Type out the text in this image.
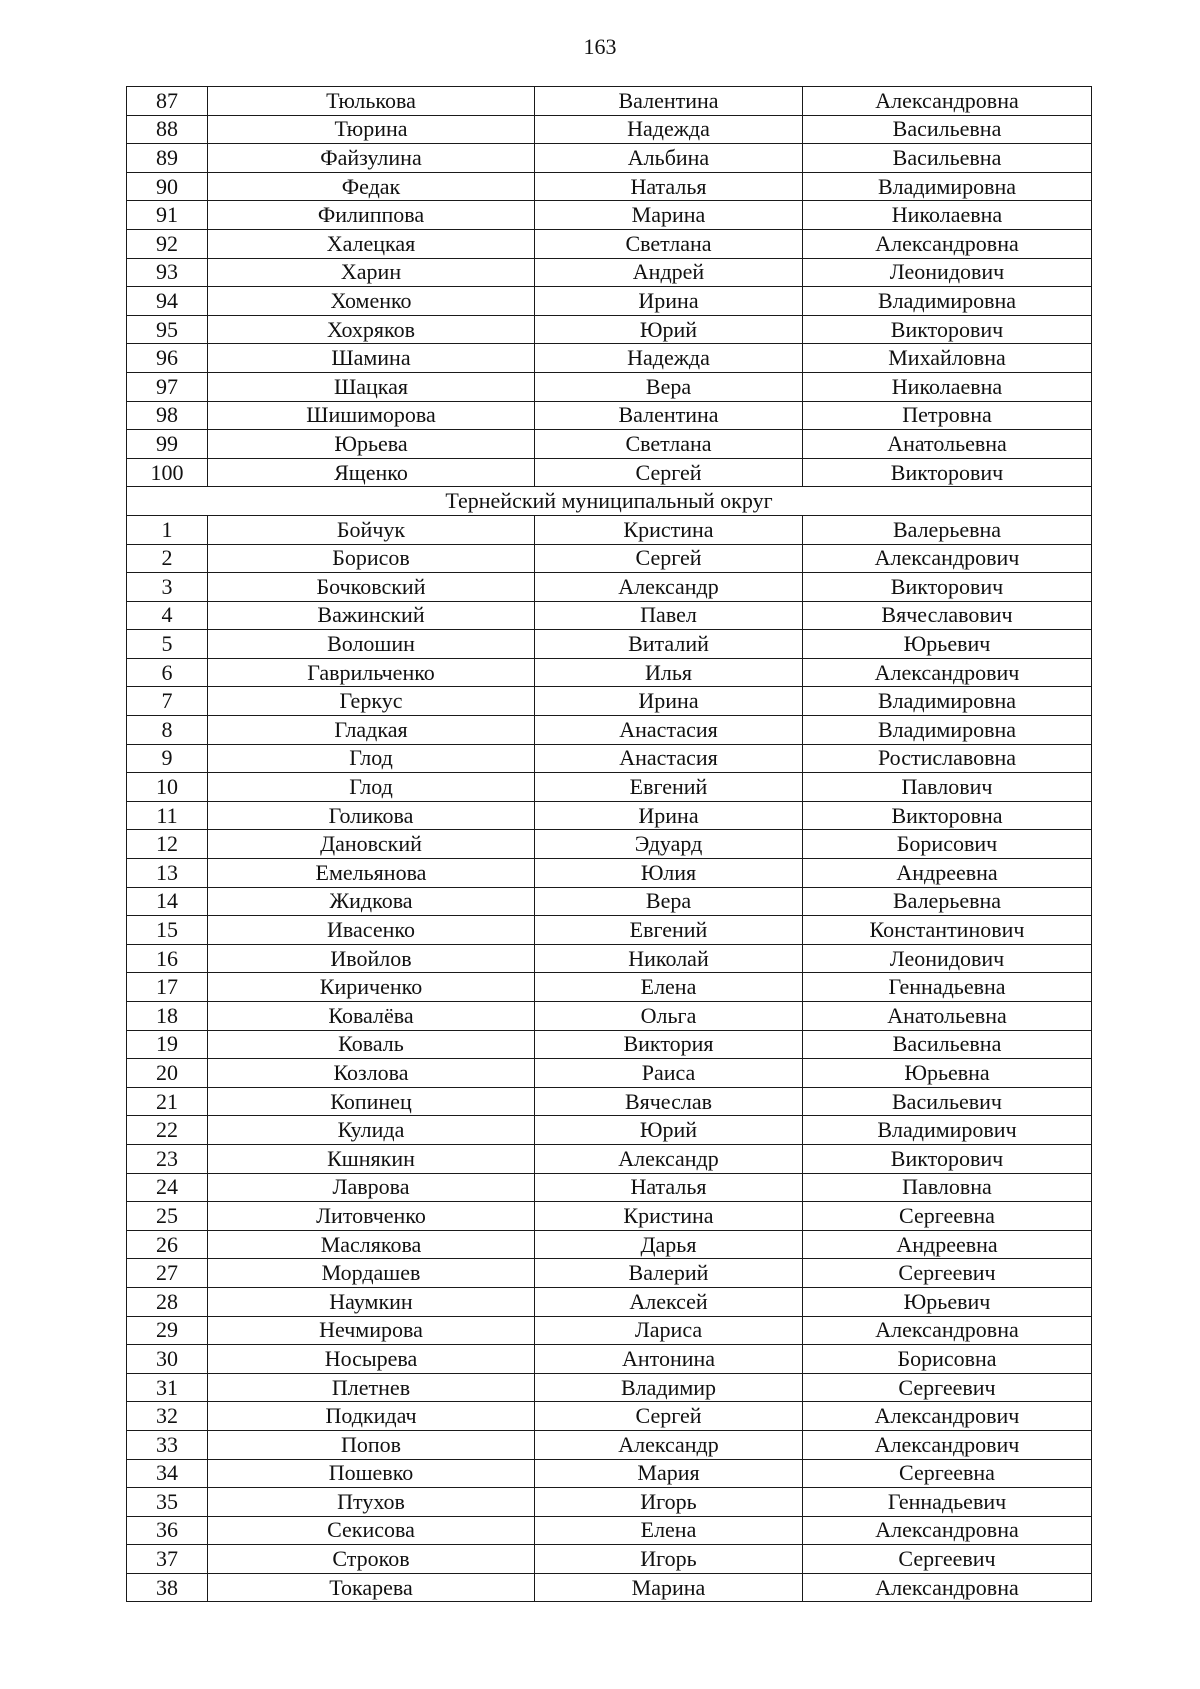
163
87	Тюлькова	Валентина	Александровна
88	Тюрина	Надежда	Васильевна
89	Файзулина	Альбина	Васильевна
90	Федак	Наталья	Владимировна
91	Филиппова	Марина	Николаевна
92	Халецкая	Светлана	Александровна
93	Харин	Андрей	Леонидович
94	Хоменко	Ирина	Владимировна
95	Хохряков	Юрий	Викторович
96	Шамина	Надежда	Михайловна
97	Шацкая	Вера	Николаевна
98	Шишиморова	Валентина	Петровна
99	Юрьева	Светлана	Анатольевна
100	Ященко	Сергей	Викторович
Тернейский муниципальный округ			
1	Бойчук	Кристина	Валерьевна
2	Борисов	Сергей	Александрович
3	Бочковский	Александр	Викторович
4	Важинский	Павел	Вячеславович
5	Волошин	Виталий	Юрьевич
6	Гаврильченко	Илья	Александрович
7	Геркус	Ирина	Владимировна
8	Гладкая	Анастасия	Владимировна
9	Глод	Анастасия	Ростиславовна
10	Глод	Евгений	Павлович
11	Голикова	Ирина	Викторовна
12	Дановский	Эдуард	Борисович
13	Емельянова	Юлия	Андреевна
14	Жидкова	Вера	Валерьевна
15	Ивасенко	Евгений	Константинович
16	Ивойлов	Николай	Леонидович
17	Кириченко	Елена	Геннадьевна
18	Ковалёва	Ольга	Анатольевна
19	Коваль	Виктория	Васильевна
20	Козлова	Раиса	Юрьевна
21	Копинец	Вячеслав	Васильевич
22	Кулида	Юрий	Владимирович
23	Кшнякин	Александр	Викторович
24	Лаврова	Наталья	Павловна
25	Литовченко	Кристина	Сергеевна
26	Маслякова	Дарья	Андреевна
27	Мордашев	Валерий	Сергеевич
28	Наумкин	Алексей	Юрьевич
29	Нечмирова	Лариса	Александровна
30	Носырева	Антонина	Борисовна
31	Плетнев	Владимир	Сергеевич
32	Подкидач	Сергей	Александрович
33	Попов	Александр	Александрович
34	Пошевко	Мария	Сергеевна
35	Птухов	Игорь	Геннадьевич
36	Секисова	Елена	Александровна
37	Строков	Игорь	Сергеевич
38	Токарева	Марина	Александровна
